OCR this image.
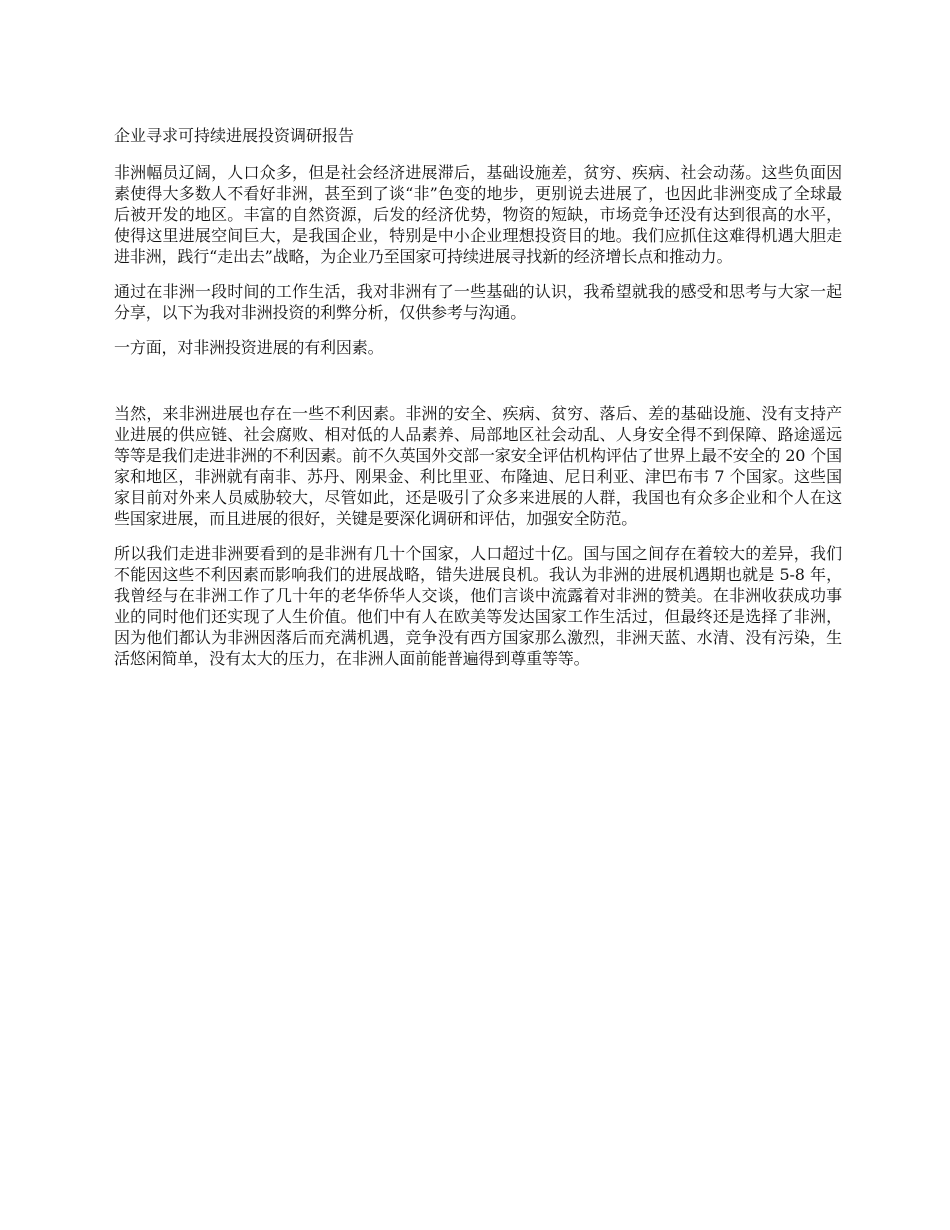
企业寻求可持续进展投资调研报告

非洲幅员辽阔，人口众多，但是社会经济进展滞后，基础设施差，贫穷、疾病、社会动荡。这些负面因素使得大多数人不看好非洲，甚至到了谈“非”色变的地步，更别说去进展了，也因此非洲变成了全球最后被开发的地区。丰富的自然资源，后发的经济优势，物资的短缺，市场竞争还没有达到很高的水平，使得这里进展空间巨大，是我国企业，特别是中小企业理想投资目的地。我们应抓住这难得机遇大胆走进非洲，践行“走出去”战略，为企业乃至国家可持续进展寻找新的经济增长点和推动力。

通过在非洲一段时间的工作生活，我对非洲有了一些基础的认识，我希望就我的感受和思考与大家一起分享，以下为我对非洲投资的利弊分析，仅供参考与沟通。

一方面，对非洲投资进展的有利因素。

当然，来非洲进展也存在一些不利因素。非洲的安全、疾病、贫穷、落后、差的基础设施、没有支持产业进展的供应链、社会腐败、相对低的人品素养、局部地区社会动乱、人身安全得不到保障、路途遥远等等是我们走进非洲的不利因素。前不久英国外交部一家安全评估机构评估了世界上最不安全的 20 个国家和地区，非洲就有南非、苏丹、刚果金、利比里亚、布隆迪、尼日利亚、津巴布韦 7 个国家。这些国家目前对外来人员威胁较大，尽管如此，还是吸引了众多来进展的人群，我国也有众多企业和个人在这些国家进展，而且进展的很好，关键是要深化调研和评估，加强安全防范。

所以我们走进非洲要看到的是非洲有几十个国家，人口超过十亿。国与国之间存在着较大的差异，我们不能因这些不利因素而影响我们的进展战略，错失进展良机。我认为非洲的进展机遇期也就是 5-8 年，我曾经与在非洲工作了几十年的老华侨华人交谈，他们言谈中流露着对非洲的赞美。在非洲收获成功事业的同时他们还实现了人生价值。他们中有人在欧美等发达国家工作生活过，但最终还是选择了非洲，因为他们都认为非洲因落后而充满机遇，竞争没有西方国家那么激烈，非洲天蓝、水清、没有污染，生活悠闲简单，没有太大的压力，在非洲人面前能普遍得到尊重等等。
